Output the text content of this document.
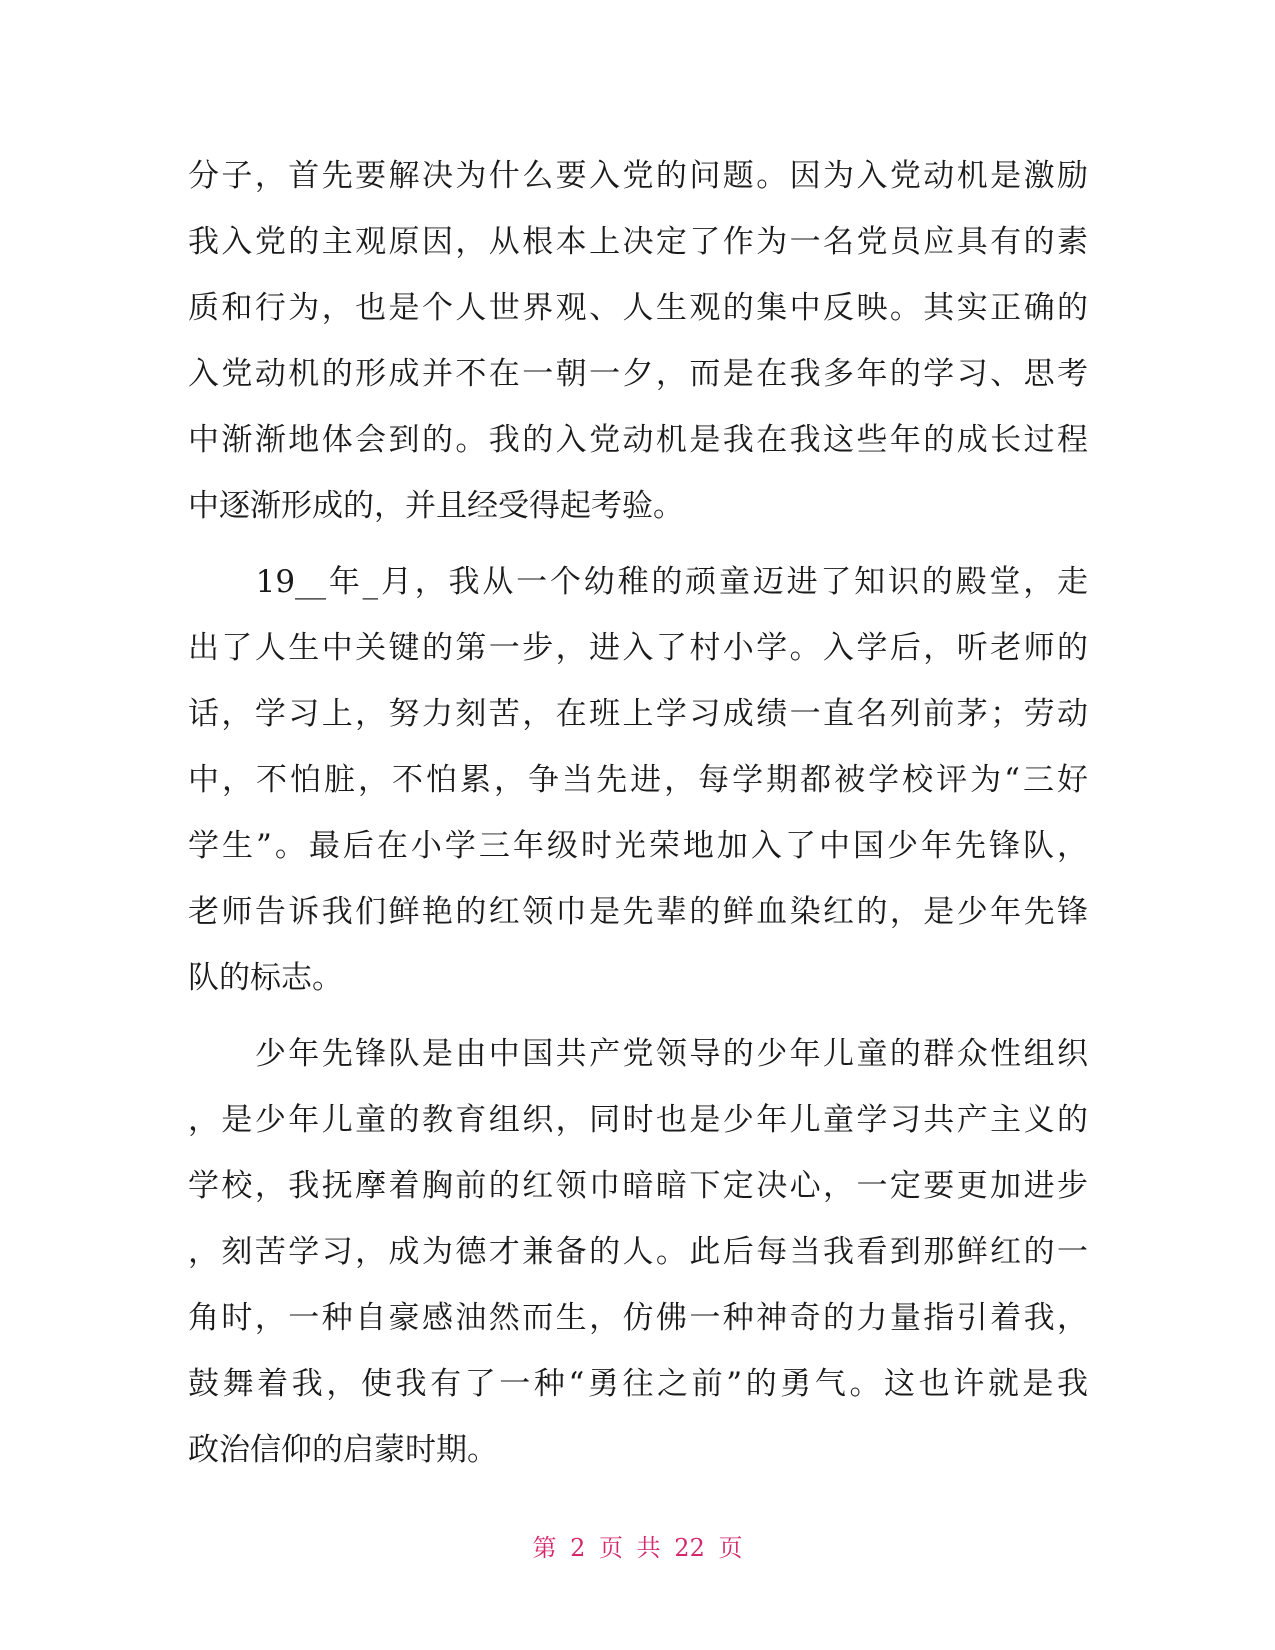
分子，首先要解决为什么要入党的问题。因为入党动机是激励
我入党的主观原因，从根本上决定了作为一名党员应具有的素
质和行为，也是个人世界观、人生观的集中反映。其实正确的
入党动机的形成并不在一朝一夕，而是在我多年的学习、思考
中渐渐地体会到的。我的入党动机是我在我这些年的成长过程
中逐渐形成的，并且经受得起考验。
　　19__年_月，我从一个幼稚的顽童迈进了知识的殿堂，走
出了人生中关键的第一步，进入了村小学。入学后，听老师的
话，学习上，努力刻苦，在班上学习成绩一直名列前茅；劳动
中，不怕脏，不怕累，争当先进，每学期都被学校评为“三好
学生”。最后在小学三年级时光荣地加入了中国少年先锋队，
老师告诉我们鲜艳的红领巾是先辈的鲜血染红的，是少年先锋
队的标志。
　　少年先锋队是由中国共产党领导的少年儿童的群众性组织
，是少年儿童的教育组织，同时也是少年儿童学习共产主义的
学校，我抚摩着胸前的红领巾暗暗下定决心，一定要更加进步
，刻苦学习，成为德才兼备的人。此后每当我看到那鲜红的一
角时，一种自豪感油然而生，仿佛一种神奇的力量指引着我，
鼓舞着我，使我有了一种“勇往之前”的勇气。这也许就是我
政治信仰的启蒙时期。
第 2 页 共 22 页
